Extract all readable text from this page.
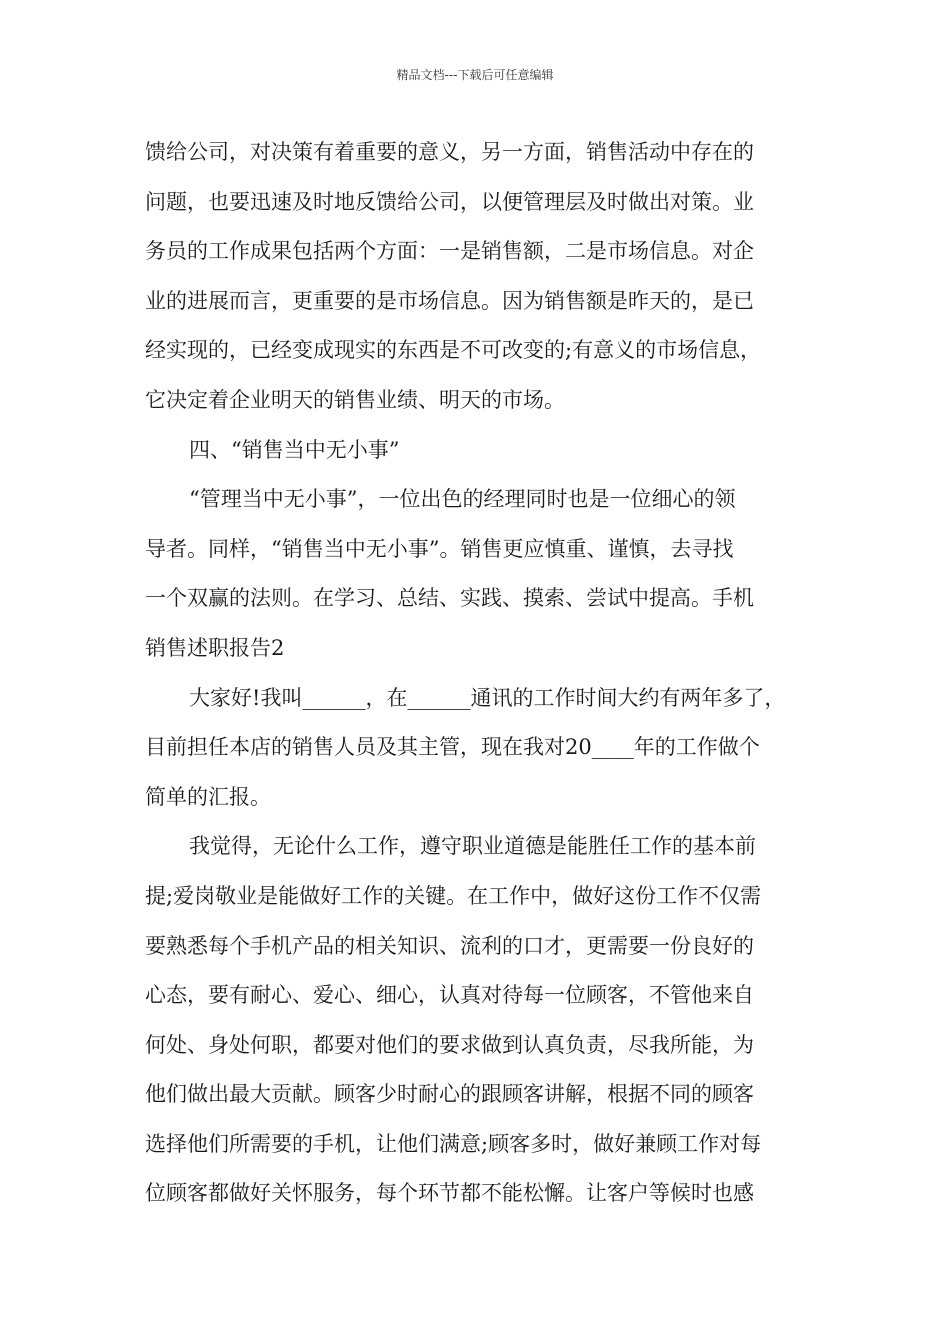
精品文档---下载后可任意编辑
馈给公司，对决策有着重要的意义，另一方面，销售活动中存在的
问题，也要迅速及时地反馈给公司，以便管理层及时做出对策。业
务员的工作成果包括两个方面：一是销售额，二是市场信息。对企
业的进展而言，更重要的是市场信息。因为销售额是昨天的，是已
经实现的，已经变成现实的东西是不可改变的;有意义的市场信息，
它决定着企业明天的销售业绩、明天的市场。
四、“销售当中无小事”
“管理当中无小事”，一位出色的经理同时也是一位细心的领
导者。同样，“销售当中无小事”。销售更应慎重、谨慎，去寻找
一个双赢的法则。在学习、总结、实践、摸索、尝试中提高。手机
销售述职报告2
大家好!我叫______，在______通讯的工作时间大约有两年多了，
目前担任本店的销售人员及其主管，现在我对20____年的工作做个
简单的汇报。
我觉得，无论什么工作，遵守职业道德是能胜任工作的基本前
提;爱岗敬业是能做好工作的关键。在工作中，做好这份工作不仅需
要熟悉每个手机产品的相关知识、流利的口才，更需要一份良好的
心态，要有耐心、爱心、细心，认真对待每一位顾客，不管他来自
何处、身处何职，都要对他们的要求做到认真负责，尽我所能，为
他们做出最大贡献。顾客少时耐心的跟顾客讲解，根据不同的顾客
选择他们所需要的手机，让他们满意;顾客多时，做好兼顾工作对每
位顾客都做好关怀服务，每个环节都不能松懈。让客户等候时也感
